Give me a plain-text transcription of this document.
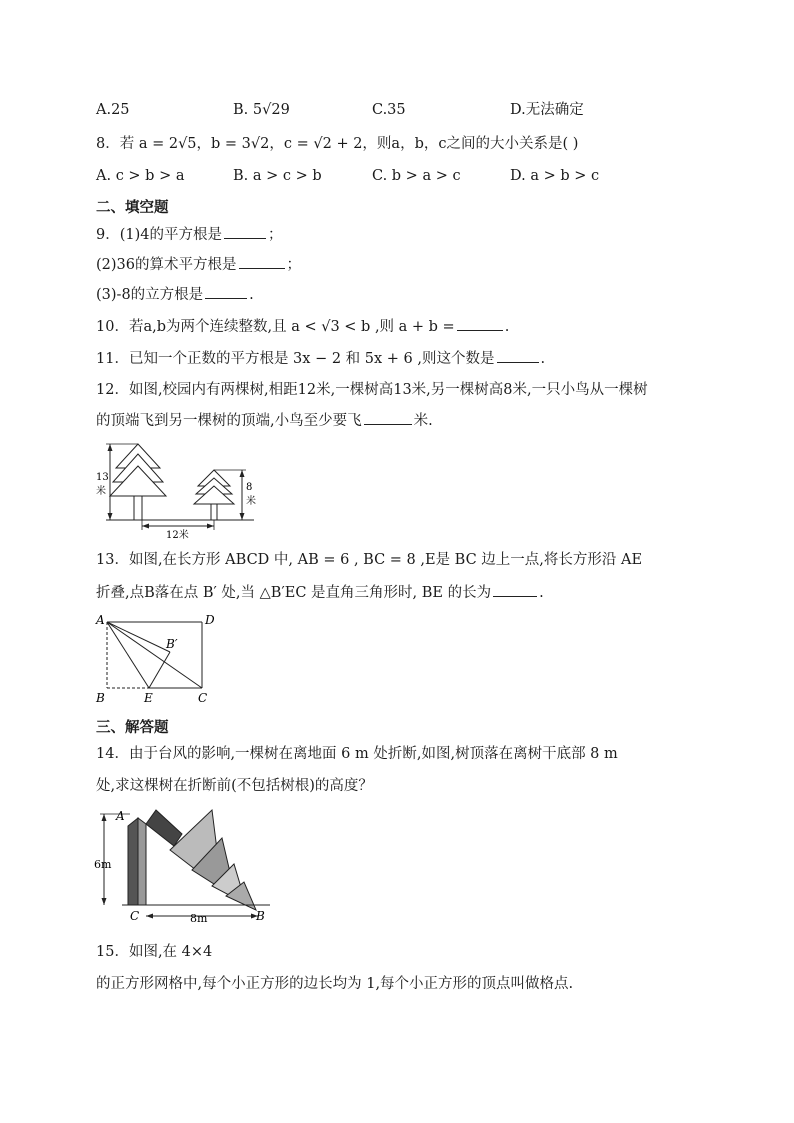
A.25	B. 5√29	C.35	D.无法确定
8．若 a = 2√5，b = 3√2，c = √2 + 2，则a，b，c之间的大小关系是( )
A. c > b > a	B. a > c > b	C. b > a > c	D. a > b > c
二、填空题
9．(1)4的平方根是	；
(2)36的算术平方根是	；
(3)-8的立方根是	.
10．若a,b为两个连续整数,且 a < √3 < b ,则 a + b =	.
11．已知一个正数的平方根是 3x − 2 和 5x + 6 ,则这个数是	.
12．如图,校园内有两棵树,相距12米,一棵树高13米,另一棵树高8米,一只小鸟从一棵树
的顶端飞到另一棵树的顶端,小鸟至少要飞	米.
13
米	8
米
12米
13．如图,在长方形 ABCD 中, AB = 6 , BC = 8 ,E是 BC 边上一点,将长方形沿 AE
折叠,点B落在点 B′ 处,当 △B′EC 是直角三角形时, BE 的长为	.
A	D
B	E	C
B′
三、解答题
14．由于台风的影响,一棵树在离地面 6 m 处折断,如图,树顶落在离树干底部 8 m
处,求这棵树在折断前(不包括树根)的高度？
6m
8m
A
C	B
15．如图,在 4×4
的正方形网格中,每个小正方形的边长均为 1,每个小正方形的顶点叫做格点.
